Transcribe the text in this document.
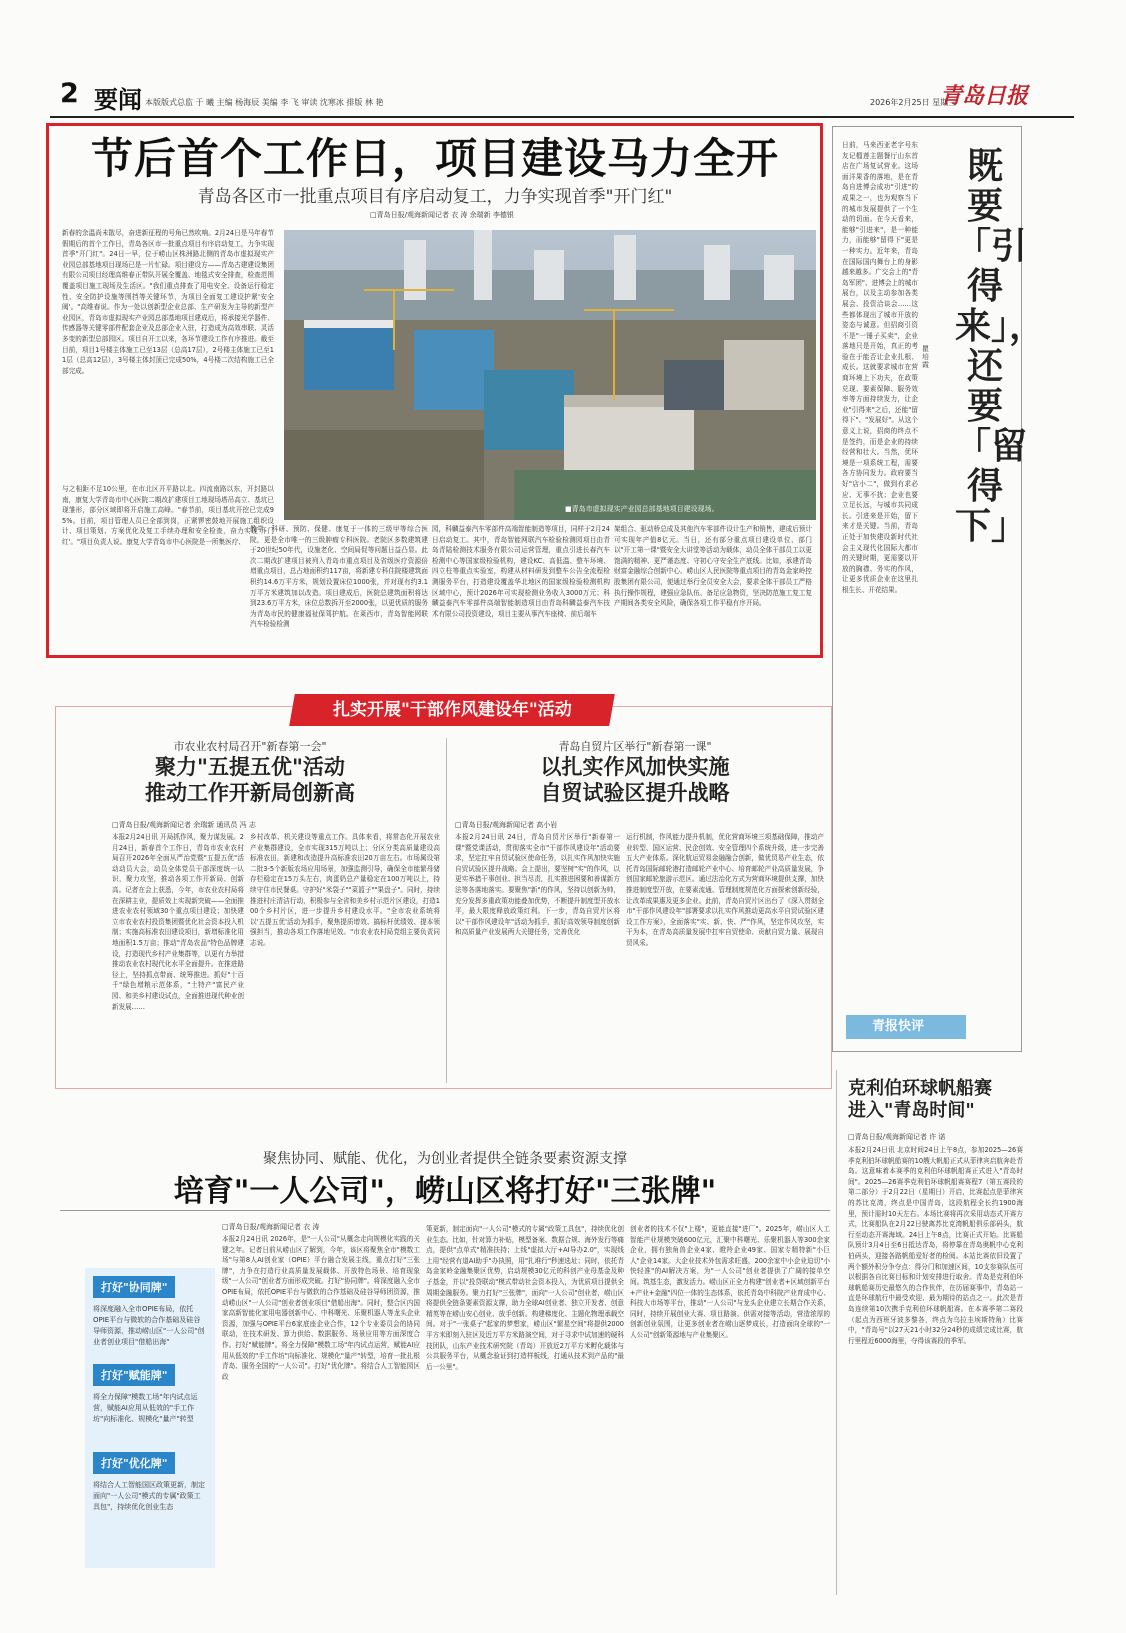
2 要闻 本版版式总监 于 曦 主编 杨海辰 美编 李 飞 审读 沈寒冰 排版 林 艳	2026年2月25日 星期三
青岛日报
节后首个工作日，项目建设马力全开
青岛各区市一批重点项目有序启动复工，力争实现首季"开门红"
□青岛日报/观海新闻记者 衣 涛 余瑞新 李德银
新春的余温尚未散尽，奋进新征程的号角已然吹响。2月24日是马年春节假期后的首个工作日，青岛各区市一批重点项目有序启动复工，力争实现首季"开门红"。24日一早，位于崂山区株洲路北侧的青岛市虚拟现实产业园总部基地项目现场已是一片忙碌。项目建设方——青岛古建建设集团有限公司项目经理高维春正带队开展全覆盖、地毯式安全排查，检查范围覆盖项目施工现场及生活区。"我们重点排查了用电安全、设备运行稳定性、安全防护设施等围挡等关键环节，为项目全面复工建设护紧'安全阀'。"高维春说。作为一处以创新型企业总部、生产研发为主导的新型产业园区，青岛市虚拟现实产业园总部基地项目建成后，将承接光学器件、传感器等关键零部件配套企业及总部企业入驻，打造成为高效串联、灵活多变的新型总部园区。项目自开工以来，各环节建设工作有序推进。截至目前，项目1号楼主体施工已至13层（总高17层），2号楼主体施工已至11层（总高12层），3号楼主体封顶已完成50%，4号楼二次结构施工已全部完成。
与之相距不足10公里，在市北区开平路以北、四流南路以东，开封路以南，康复大学青岛市中心医院二期改扩建项目工地现场塔吊高立、基坑已现雏形，部分区域即将开启施工高峰。"春节前，项目基坑开挖已完成95%。目前，项目管理人员已全部到岗，正紧锣密鼓地开展施工组织设计、项目策划、方案优化及复工手续办理和安全检查，奋力实现'开门红'。"项目负责人说。康复大学青岛市中心医院是一所集医疗、
■青岛市虚拟现实产业园总部基地项目建设现场。
教学、科研、预防、保健、康复于一体的三级甲等综合医院，更是全市唯一的三级肿瘤专科医院。老院区多数建筑建于20世纪50年代，设施老化、空间局促等问题日益凸显。此次二期改扩建项目被列入青岛市重点项目及省级医疗资源倍增重点项目，总占地面积约117亩，将新建专科住院楼建筑面积约14.6万平方米，规划设置床位1000张，并对现有约3.1万平方米建筑加以改造。项目建成后，医院总建筑面积将达到23.6万平方米，床位总数拆开至2000张，以更优质的服务为青岛市民的健康福祉保驾护航。在莱西市，青岛智能网联汽车检验检测
园，科麟益泰汽车零部件高端智能制造等项目，同样于2月24日启动复工。其中，青岛智能网联汽车检验检测园项目由青岛青陆检测技术服务有限公司运营管理，重点引进长春汽车检测中心等国家级检验机构，建设KC、高低温、整车环境、四立柱等重点实验室，构建从材料研发到整车公告全流程检测服务平台，打造建设覆盖华北地区的国家级检验检测机构区域中心，预计2026年可实现检测业务收入3000万元；科麟益泰汽车零部件高端智能制造项目由青岛科麟益泰汽车技术有限公司投资建设，项目主要从事汽车座椅、前后端车
架组合、驱动桥总成及其他汽车零部件设计生产和销售，建成后预计可实现年产值8亿元。当日，还有部分重点项目建设单位、部门以"开工第一课"暨安全大讲堂等活动为载体，动员全体干部员工以更饱满的精神、更严谨态度、守初心守安全生产底线。比如，承建青岛财富金融综合创新中心、崂山区人民医院等重点项目的青岛金家岭控股集团有限公司，便通过举行全员安全大会，要求全体干部员工严格执行操作规程，建强应急队伍、备足应急物资，坚决防范施工复工复产期间各类安全风险，确保各项工作平稳有序开局。
扎实开展"干部作风建设年"活动
市农业农村局召开"新春第一会"
聚力"五提五优"活动
推动工作开新局创新高
□青岛日报/观海新闻记者 余瑞新 通讯员 冯 志
本报2月24日讯 开局抓作风，聚力谋发展。2月24日，新春首个工作日，青岛市农业农村局召开2026年全面从严治党暨"五提五优"活动动员大会，动员全体党员干部深度统一认识，聚力攻坚，推动各项工作开新局、创新高。记者在会上获悉，今年，市农业农村局将在深耕主业，提质效上实现新突破——全面推进农业农村领域30个重点项目建设；加快建立市农业农村投资集团暨优化社会资本投入机制；实施高标准农田建设项目，新增标准化用地面积1.5万亩；推动"青岛农品"特色品牌建设，打造现代乡村产业集群等，以更有力举措推动农业农村现代化水平全面提升。在推进路径上，坚持抓点带面、统筹推进。抓好"十百千"绿色增粮示范体系，"土特产"富民产业园、和美乡村建设试点，全面推进现代种业创新发展……
乡村改革、机关建设等重点工作。具体来看，将常态化开展农业产业集群建设，全市实现315万吨以上；分区分类高质量建设高标准农田，新建和改造提升高标准农田20万亩左右。市场属设第二批3-5个新版农场应用场景，加强监测引导，确保全市能繁母猪存栏稳定在15万头左右，肉蛋奶总产量稳定在100万吨以上，持续守住市民餐桌。守护好"米袋子""菜篮子""果盘子"。同时，持续推进村庄清洁行动，积极参与全省和美乡村示范片区建设，打造100个乡村片区，进一步提升乡村建设水平。"全市农业系统将以'五提五优'活动为抓手，聚焦提质增效、搞标杆优绩效、提本领强担当，推动各项工作落地见效。"市农业农村局党组主要负责同志说。
青岛自贸片区举行"新春第一课"
以扎实作风加快实施
自贸试验区提升战略
□青岛日报/观海新闻记者 高小岩
本报2月24日讯 24日，青岛自贸片区举行"新春第一课"暨党课活动，贯彻落实全市"干部作风建设年"活动要求，坚定扛牢自贸试验区使命任务，以扎实作风加快实施自贸试验区提升战略。会上提出，要坚树"实"的作风，以更实举措干事创业、担当尽责，扎实推进困要和善谋新方法等各落地落实。要聚焦"新"的作风，坚持以创新为帅，充分发挥多重政策功能叠加优势，不断提升制度型开放水平，最大限度释放政策红利。下一步，青岛自贸片区将以"干部作风建设年"活动为抓手，抓好高效领导制度创新和高质量产业发展两大关键任务，完善优化
运行机制，作风能力提升机制，优化营商环境三项基础保障，推动产业转型、国区运营、民企创效、安全管理四个系统升级，进一步完善五大产业体系。深化航运贸易金融融合创新，做优贸易产业生态，依托青岛国际邮轮港打造邮轮产业中心、培育邮轮产业高质量发展，争创国家邮轮旅游示范区。通过法治化方式为营商环境提供支撑，加快推进制度型开放，在要素流通、管理制度规范化方面探索创新经验，让改革成果惠及更多企业。此前，青岛自贸片区出台了《深入贯彻全市"干部作风建设年"部署要求以扎实作风推动更高水平自贸试验区建设工作方案》，全面落实"实、新、快、严"作风，坚定作风攻坚，实干为本，在青岛高质量发展中扛牢自贸使命、贡献自贸力量、展现自贸风采。
既要「引得来」，还要「留得下」
瞿培霞
日前，马来西亚老字号东友记榴莲主题餐厅山东首店在广场复试营业。这场面洋果香的落地，是在青岛自进博会成功"引进"的成果之一，也为观察当下的城市发展提供了一个生动的切面。在今天看来，能够"引进来"，是一种能力，而能够"留得下"更是一种实力。近年来，青岛在国际国内舞台上的身影越来越多。广交会上的"青岛军团"、进博会上的城市展台，以及主动参加各类展会、投资洽谈会……这些都体现出了城市开放的姿态与诚意。但招商引资不是"一锤子买卖"，企业落地只是开始，真正的考验在于能否让企业扎根、成长。这就要求城市在营商环境上下功夫，在政策兑现、要素保障、服务效率等方面持续发力，让企业"引得来"之后，还能"留得下"、"发展好"。从这个意义上说，招商的终点不是签约，而是企业的持续经营和壮大。当然，优环境是一项系统工程，需要各方协同发力。政府要当好"店小二"，做到有求必应、无事不扰；企业也要立足长远，与城市共同成长。引进来是开始，留下来才是关键。当前，青岛正处于加快建设新时代社会主义现代化国际大都市的关键时期，更需要以开放的胸襟、务实的作风，让更多优质企业在这里扎根生长、开花结果。
青报快评
克利伯环球帆船赛
进入"青岛时间"
□青岛日报/观海新闻记者 许 诺
本报2月24日讯 北京时间24日上午8点，参加2025—26赛季克利伯环球帆船赛的10艘大帆船正式从菲律宾启航奔赴青岛。这意味着本赛季的克利伯环球帆船赛正式进入"青岛时间"。2025—26赛季克利伯环球帆船赛赛程7（第五赛段的第二部分）于2月22日（星期日）开启，比赛起点是菲律宾的苏比克湾，终点是中国青岛，这段航程全长约1900海里，预计需时10天左右。本场比赛将再次采用动态式开赛方式，比赛船队在2月22日驶离苏比克湾帆船俱乐部码头，航行至动态开赛海域。24日上午8点，比赛正式开始。比赛船队预计3月4日至6日抵达青岛，将停靠在青岛奥帆中心克利伯码头，迎接各路帆船爱好者的检阅。本站比赛依旧设置了两个额外积分争夺点：得分门和加速区间，10支参赛队伍可以根据各自比赛目标和计划安排进行取舍。青岛是克利伯环球帆船赛历史最悠久的合作伙伴，在历届赛事中，青岛站一直是环球航行中最受欢迎、最为期待的站点之一。此次是青岛连续第10次携手克利伯环球帆船赛。在本赛季第二赛段（起点为西班牙波多黎各，终点为乌拉圭埃斯特角）比赛中，"青岛号"以27天21小时32分24秒的成绩完成比赛，航行里程近6000海里，夺得该赛段的季军。
聚焦协同、赋能、优化，为创业者提供全链条要素资源支撑
培育"一人公司"，崂山区将打好"三张牌"
打好"协同牌"
将深度融入全市OPIE布局，依托OPIE平台与微软的合作基础及硅谷导师资源，推动崂山区"一人公司"创业者创业项目"借船出海"
打好"赋能牌"
将全力保障"模数工场"年内试点运营，赋能AI应用从低效的"手工作坊"向标准化、规模化"量产"转型
打好"优化牌"
将结合人工智能国区政策更新，制定面向"一人公司"模式的专属"政策工具包"，持续优化创业生态
□青岛日报/观海新闻记者 衣 涛
本报2月24日讯 2026年，是"一人公司"从概念走向规模化实践的关键之年。记者日前从崂山区了解到，今年，该区将聚焦全市"模数工场"与第8人AI创业家（OPIE）平台融合发展主线，重点打好"三张牌"，力争在打造行业高质量发展载体、开放特色场景、培育现象级"一人公司"创业者方面形成突破。打好"协同牌"。将深度融入全市OPIE布局，依托OPIE平台与微软的合作基础及硅谷导师团资源，推动崂山区"一人公司"创业者创业项目"借船出海"。同时，整合区内国家高新智能化家用电器创新中心、中科曙光、乐聚机器人等龙头企业资源，加强与OPIE平台6家底座企业合作，12个专业委员会的协同联动，在技术研发、算力供给、数据服务、场景应用等方面深度合作。打好"赋能牌"。将全力保障"模数工场"年内试点运营，赋能AI应用从低效的"手工作坊"向标准化、规模化"量产"转型，培育一批扎根青岛、服务全国的"一人公司"。打好"优化牌"。将结合人工智能园区政
策更新，制定面向"一人公司"模式的专属"政策工具包"，持续优化创业生态。比如，针对算力补贴，模型备案、数据合规、海外发行等痛点，提供"点单式"精准扶持；上线"虚拟大厅+AI导办2.0"，实现线上用"经营有道AI助手"办执照，用"扎堆行"秒速选址；同时，依托青岛金家岭金融集聚区优势，启动规模30亿元的科创产业母基金及种子基金，并以"投贷联动"模式带动社会资本投入，为优质项目提供全周期金融服务。聚力打好"三张牌"，面向"一人公司"创业者，崂山区将提供全链条要素资源支撑，助力全球AI创业者、独立开发者、创意精英等在崂山安心创业、放手创新。构建梯度化、主题化物理承载空间。对于"一张桌子"起家的梦想家，崂山区"繁星空间"将提供2000平方米即刻入驻区及近万平方米路演空间，对于寻求中试加速的硬科技团队，山东产业技术研究院（青岛）开放近2万平方米孵化载体与公共服务平台，从概念验证到打造样板线，打通从技术到产品的"最后一公里"。
创业者的技术不仅"上楼"，更能直接"进厂"。2025年，崂山区人工智能产业规模突破600亿元，汇聚中科曙光、乐聚机器人等300余家企业，拥有独角兽企业4家、瞪羚企业49家、国家专精特新"小巨人"企业14家。大企业技术外包需求旺盛，200余家中小企业迫切"小快轻准"的AI解决方案，为"一人公司"创业者提供了广阔的接单空间。筑基生态，激发活力。崂山区正全力构建"创业者+区域创新平台+产业+金融"四位一体的生态体系，依托青岛中科院产业育成中心、科技大市场等平台，推动"一人公司"与龙头企业建立长期合作关系，同时，持续开展创业大赛、项目路演、供需对接等活动，营造浓厚的创新创业氛围，让更多创业者在崂山逐梦成长，打造面向全球的"一人公司"创新策源地与产业集聚区。
